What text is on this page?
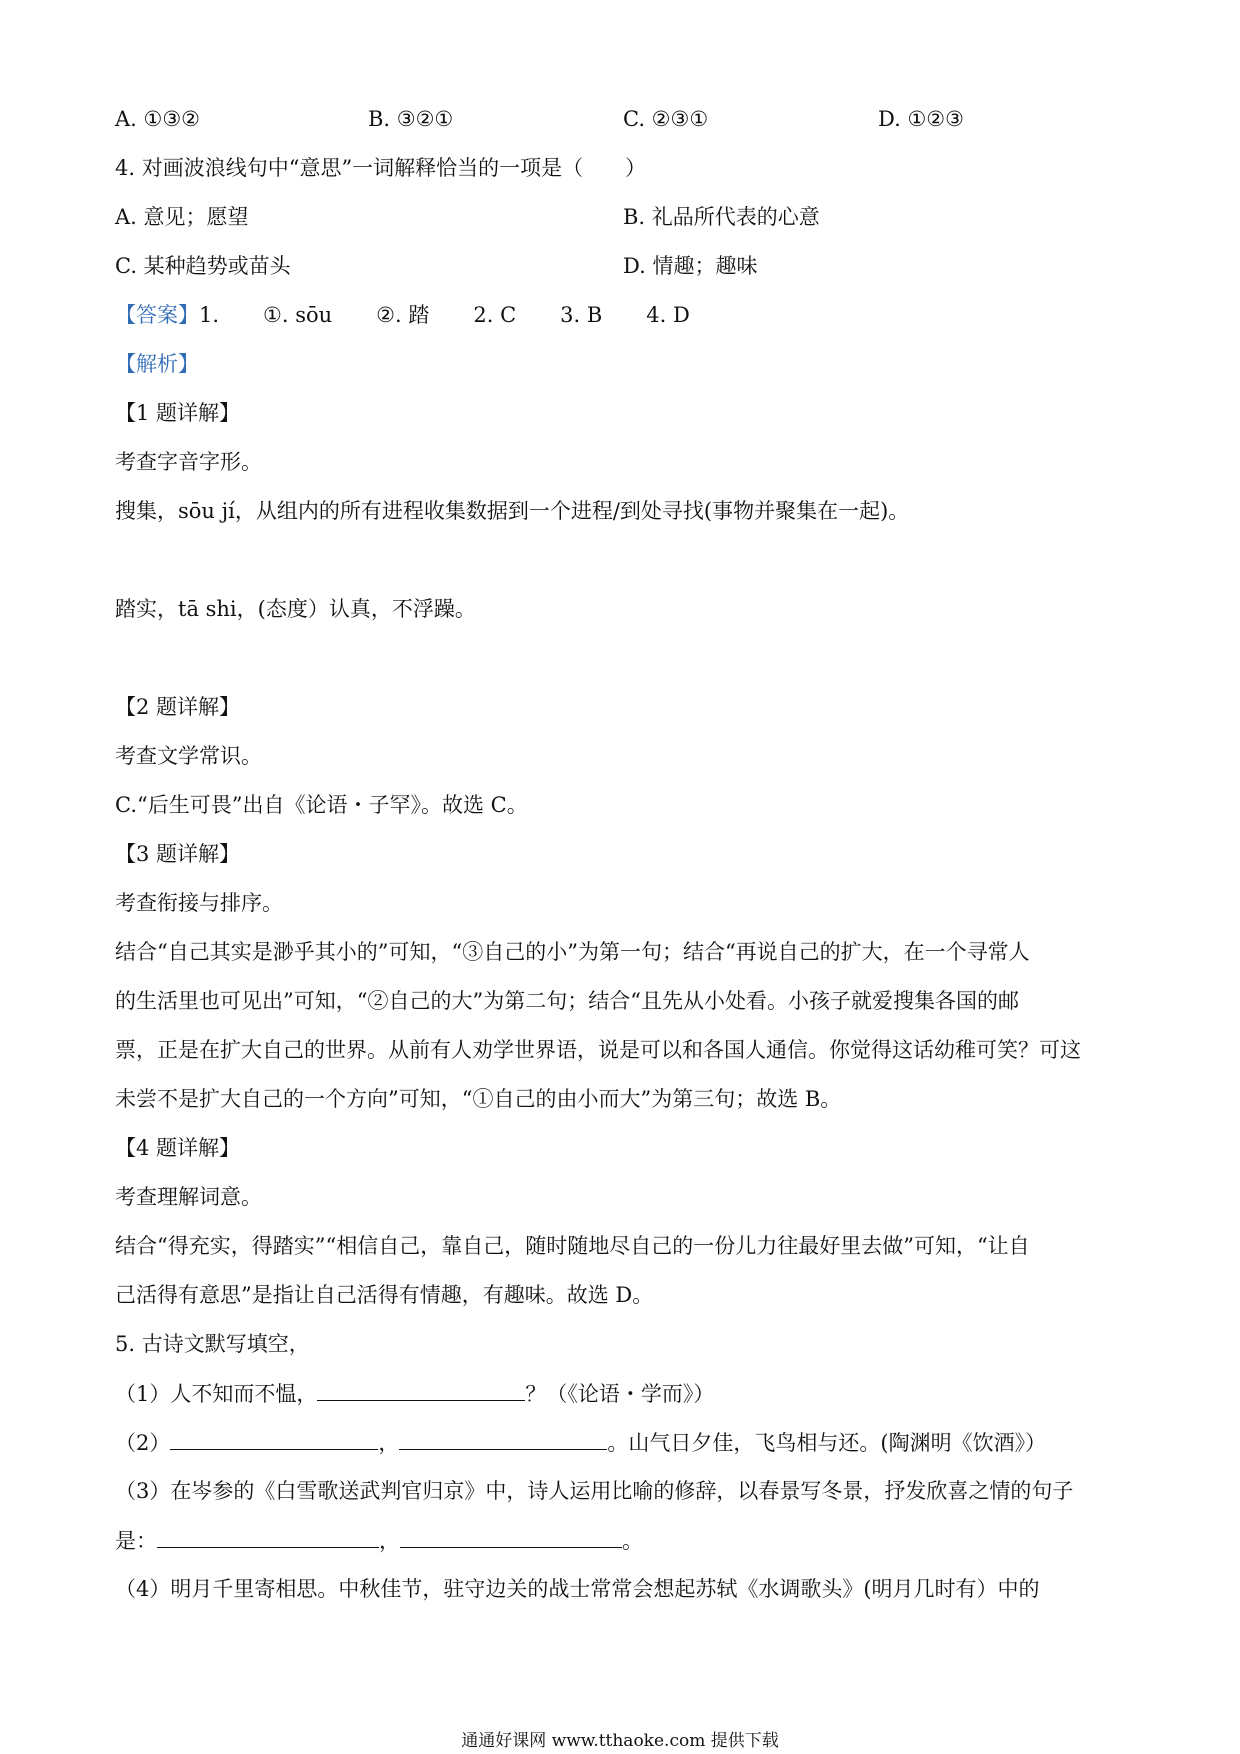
A. ①③②	B. ③②①	C. ②③①	D. ①②③
4. 对画波浪线句中“意思”一词解释恰当的一项是（　　）
A. 意见；愿望	B. 礼品所代表的心意
C. 某种趋势或苗头	D. 情趣；趣味
【答案】1. ①. sōu ②. 踏 2. C 3. B 4. D
【解析】
【1 题详解】
考查字音字形。
搜集，sōu jí，从组内的所有进程收集数据到一个进程/到处寻找(事物并聚集在一起)。
踏实，tā shi，(态度）认真，不浮躁。
【2 题详解】
考查文学常识。
C.“后生可畏”出自《论语・子罕》。故选 C。
【3 题详解】
考查衔接与排序。
结合“自己其实是渺乎其小的”可知，“③自己的小”为第一句；结合“再说自己的扩大，在一个寻常人
的生活里也可见出”可知，“②自己的大”为第二句；结合“且先从小处看。小孩子就爱搜集各国的邮
票，正是在扩大自己的世界。从前有人劝学世界语，说是可以和各国人通信。你觉得这话幼稚可笑？可这
未尝不是扩大自己的一个方向”可知，“①自己的由小而大”为第三句；故选 B。
【4 题详解】
考查理解词意。
结合“得充实，得踏实”“相信自己，靠自己，随时随地尽自己的一份儿力往最好里去做”可知，“让自
己活得有意思”是指让自己活得有情趣，有趣味。故选 D。
5. 古诗文默写填空，
（1）人不知而不愠，	？（《论语・学而》）
（2）	，	。山气日夕佳，飞鸟相与还。(陶渊明《饮酒》）
（3）在岑参的《白雪歌送武判官归京》中，诗人运用比喻的修辞，以春景写冬景，抒发欣喜之情的句子
是：	，	。
（4）明月千里寄相思。中秋佳节，驻守边关的战士常常会想起苏轼《水调歌头》(明月几时有）中的
通通好课网 www.tthaoke.com 提供下载
